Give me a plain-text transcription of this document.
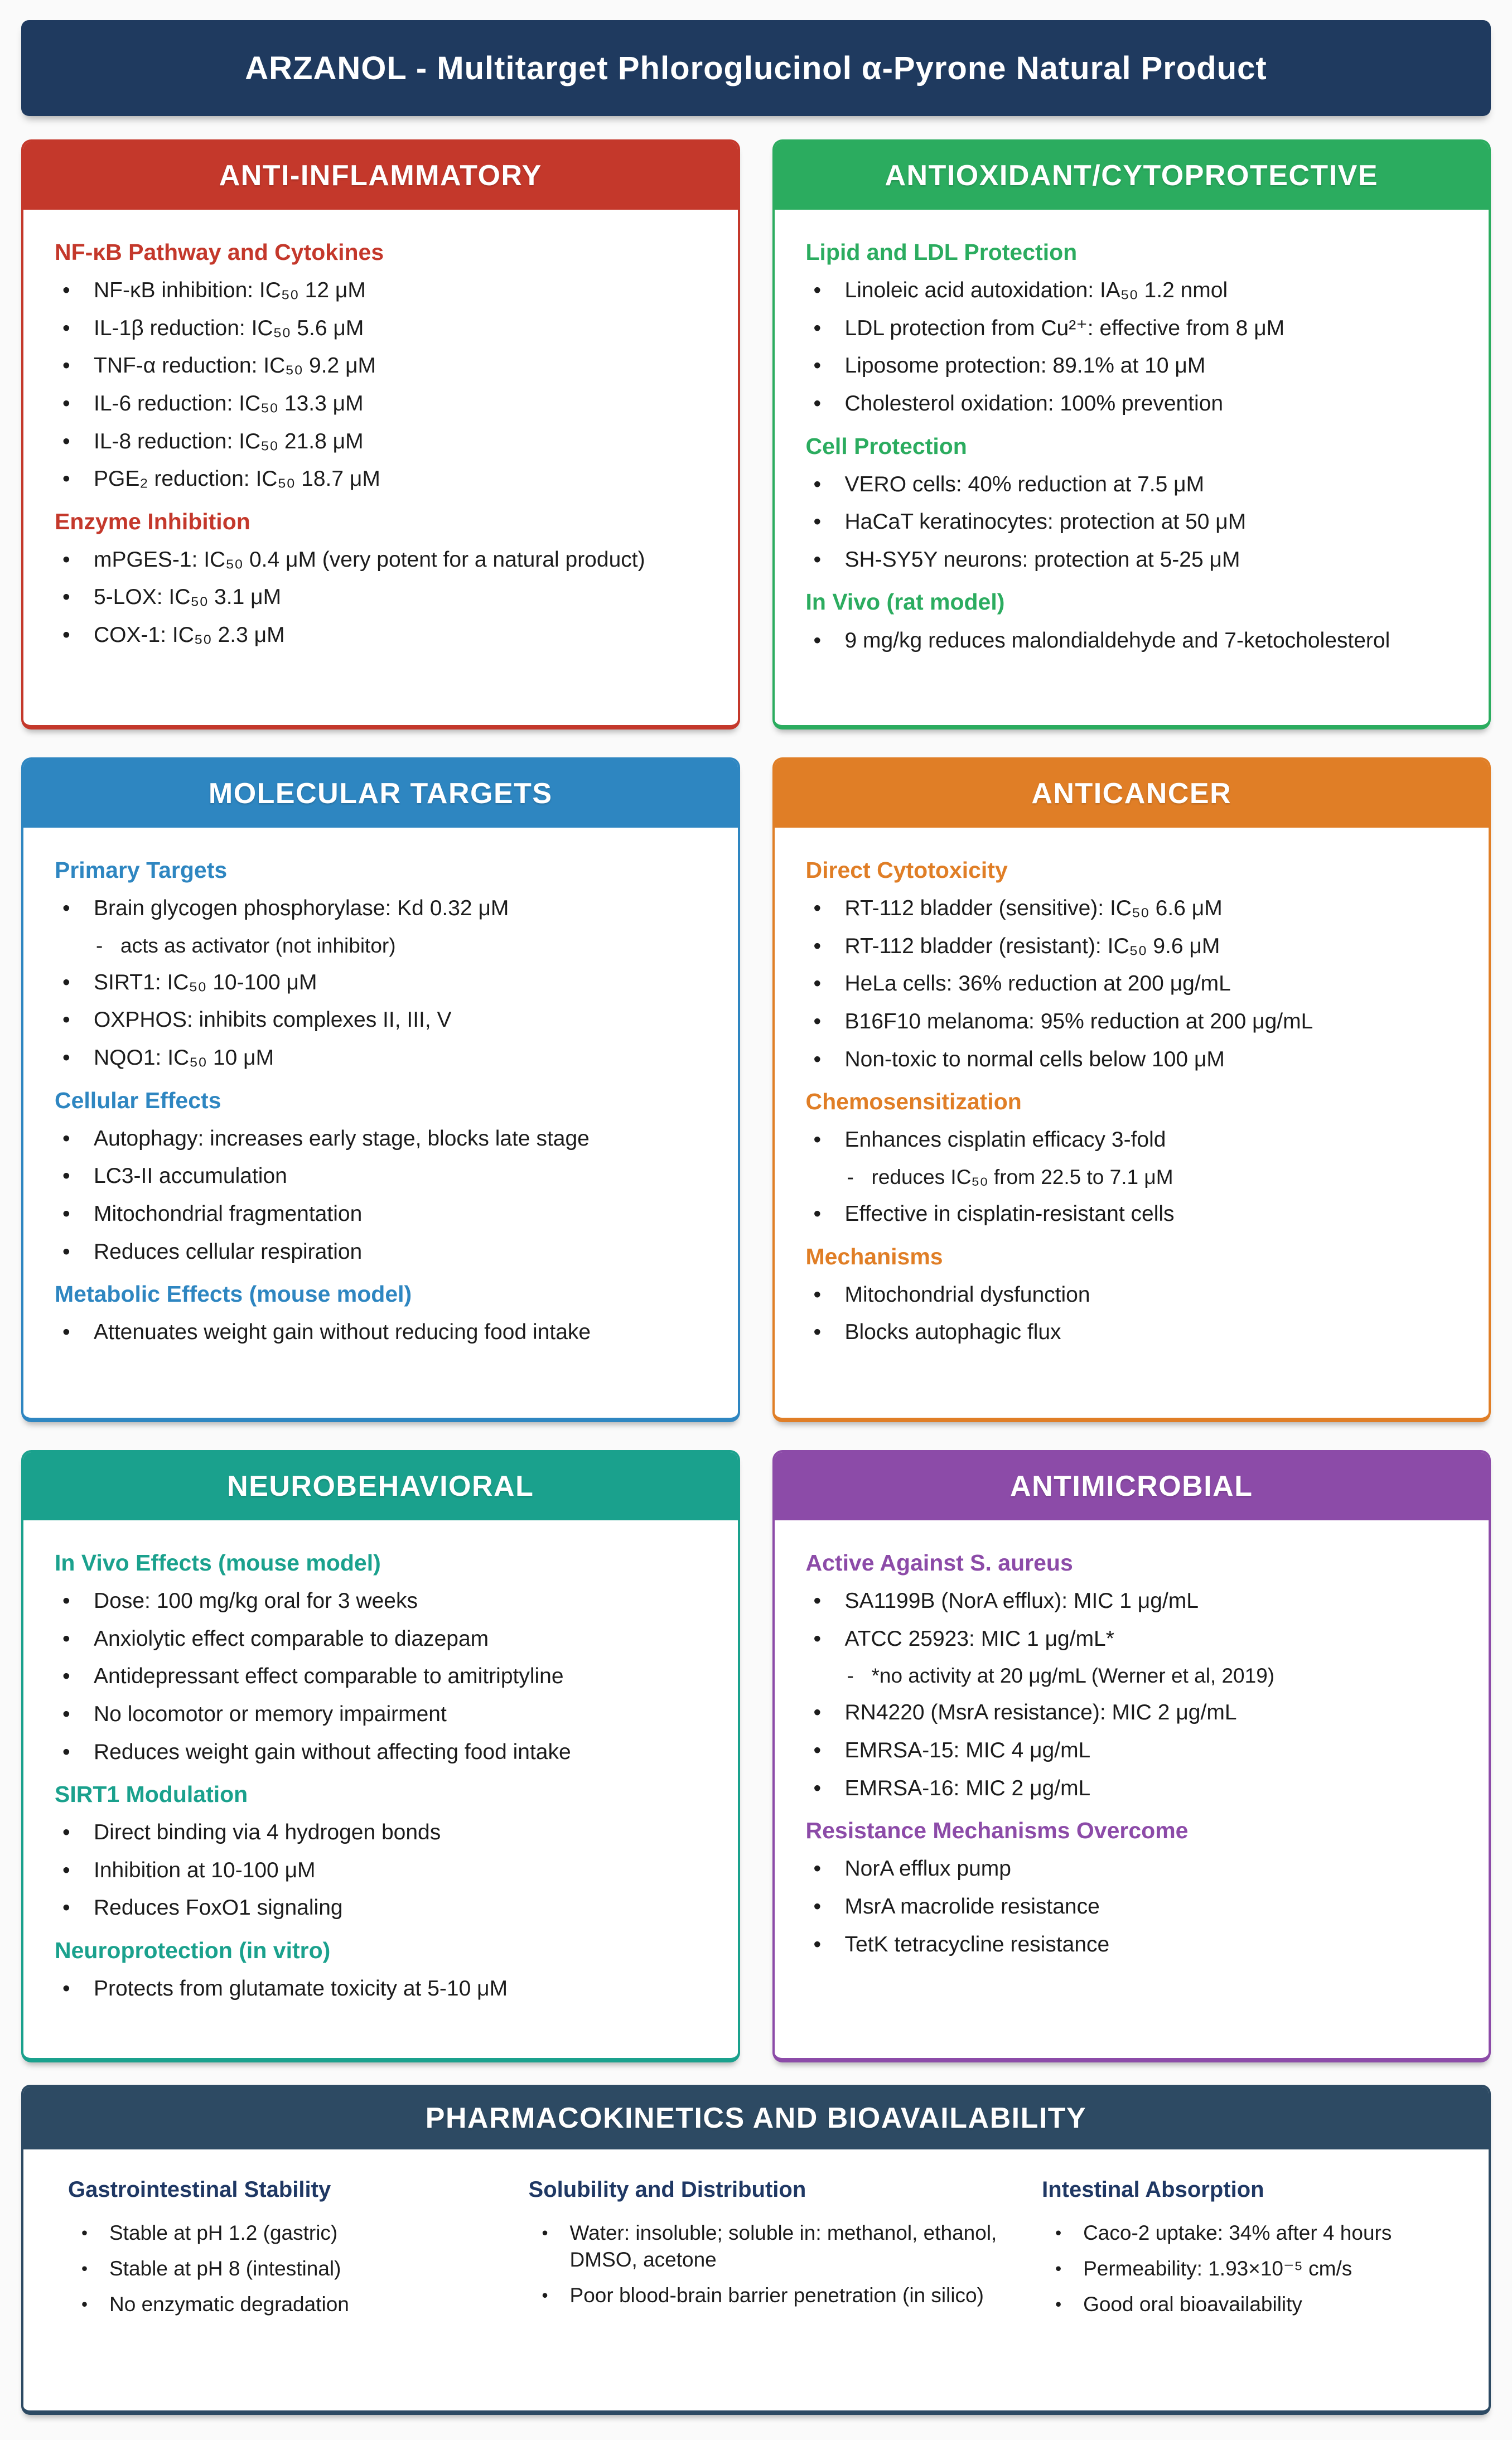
ARZANOL - Multitarget Phloroglucinol α-Pyrone Natural Product
ANTI-INFLAMMATORY
NF-κB Pathway and Cytokines
•	NF-κB inhibition: IC₅₀ 12 μM
•	IL-1β reduction: IC₅₀ 5.6 μM
•	TNF-α reduction: IC₅₀ 9.2 μM
•	IL-6 reduction: IC₅₀ 13.3 μM
•	IL-8 reduction: IC₅₀ 21.8 μM
•	PGE₂ reduction: IC₅₀ 18.7 μM
Enzyme Inhibition
•	mPGES-1: IC₅₀ 0.4 μM (very potent for a natural product)
•	5-LOX: IC₅₀ 3.1 μM
•	COX-1: IC₅₀ 2.3 μM
ANTIOXIDANT/CYTOPROTECTIVE
Lipid and LDL Protection
•	Linoleic acid autoxidation: IA₅₀ 1.2 nmol
•	LDL protection from Cu²⁺: effective from 8 μM
•	Liposome protection: 89.1% at 10 μM
•	Cholesterol oxidation: 100% prevention
Cell Protection
•	VERO cells: 40% reduction at 7.5 μM
•	HaCaT keratinocytes: protection at 50 μM
•	SH-SY5Y neurons: protection at 5-25 μM
In Vivo (rat model)
•	9 mg/kg reduces malondialdehyde and 7-ketocholesterol
MOLECULAR TARGETS
Primary Targets
•	Brain glycogen phosphorylase: Kd 0.32 μM
- acts as activator (not inhibitor)
•	SIRT1: IC₅₀ 10-100 μM
•	OXPHOS: inhibits complexes II, III, V
•	NQO1: IC₅₀ 10 μM
Cellular Effects
•	Autophagy: increases early stage, blocks late stage
•	LC3-II accumulation
•	Mitochondrial fragmentation
•	Reduces cellular respiration
Metabolic Effects (mouse model)
•	Attenuates weight gain without reducing food intake
ANTICANCER
Direct Cytotoxicity
•	RT-112 bladder (sensitive): IC₅₀ 6.6 μM
•	RT-112 bladder (resistant): IC₅₀ 9.6 μM
•	HeLa cells: 36% reduction at 200 μg/mL
•	B16F10 melanoma: 95% reduction at 200 μg/mL
•	Non-toxic to normal cells below 100 μM
Chemosensitization
•	Enhances cisplatin efficacy 3-fold
- reduces IC₅₀ from 22.5 to 7.1 μM
•	Effective in cisplatin-resistant cells
Mechanisms
•	Mitochondrial dysfunction
•	Blocks autophagic flux
NEUROBEHAVIORAL
In Vivo Effects (mouse model)
•	Dose: 100 mg/kg oral for 3 weeks
•	Anxiolytic effect comparable to diazepam
•	Antidepressant effect comparable to amitriptyline
•	No locomotor or memory impairment
•	Reduces weight gain without affecting food intake
SIRT1 Modulation
•	Direct binding via 4 hydrogen bonds
•	Inhibition at 10-100 μM
•	Reduces FoxO1 signaling
Neuroprotection (in vitro)
•	Protects from glutamate toxicity at 5-10 μM
ANTIMICROBIAL
Active Against S. aureus
•	SA1199B (NorA efflux): MIC 1 μg/mL
•	ATCC 25923: MIC 1 μg/mL*
- *no activity at 20 μg/mL (Werner et al, 2019)
•	RN4220 (MsrA resistance): MIC 2 μg/mL
•	EMRSA-15: MIC 4 μg/mL
•	EMRSA-16: MIC 2 μg/mL
Resistance Mechanisms Overcome
•	NorA efflux pump
•	MsrA macrolide resistance
•	TetK tetracycline resistance
PHARMACOKINETICS AND BIOAVAILABILITY
Gastrointestinal Stability
•	Stable at pH 1.2 (gastric)
•	Stable at pH 8 (intestinal)
•	No enzymatic degradation
Solubility and Distribution
•	Water: insoluble; soluble in: methanol, ethanol, DMSO, acetone
•	Poor blood-brain barrier penetration (in silico)
Intestinal Absorption
•	Caco-2 uptake: 34% after 4 hours
•	Permeability: 1.93×10⁻⁵ cm/s
•	Good oral bioavailability
